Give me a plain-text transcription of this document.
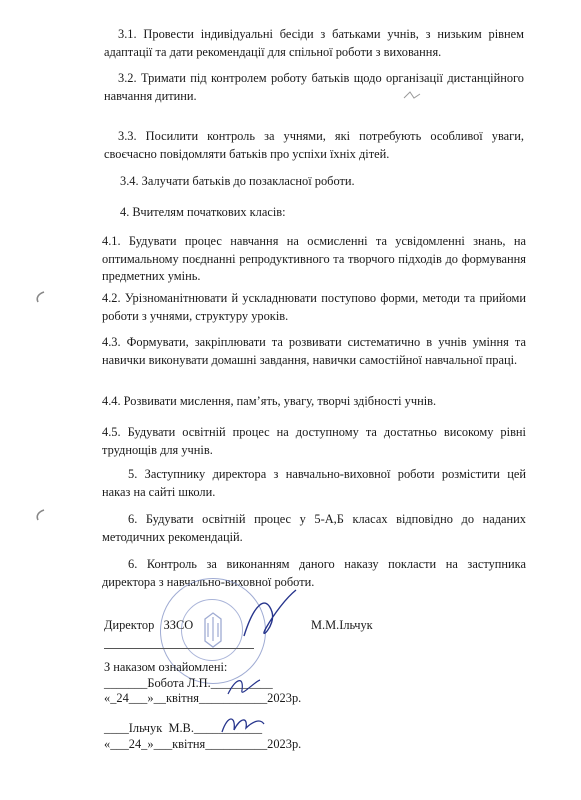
3.1. Провести індивідуальні бесіди з батьками учнів, з низьким рівнем адаптації та дати рекомендації для спільної роботи з виховання.

3.2. Тримати під контролем роботу батьків щодо організації дистанційного навчання дитини.

3.3. Посилити контроль за учнями, які потребують особливої уваги, своєчасно повідомляти батьків про успіхи їхніх дітей.

3.4. Залучати батьків до позакласної роботи.

4. Вчителям початкових класів:

4.1. Будувати процес навчання на осмисленні та усвідомленні знань, на оптимальному поєднанні репродуктивного та творчого підходів до формування предметних умінь.

4.2. Урізноманітнювати й ускладнювати поступово форми, методи та прийоми роботи з учнями, структуру уроків.

4.3. Формувати, закріплювати та розвивати систематично в учнів уміння та навички виконувати домашні завдання, навички самостійної навчальної праці.

4.4. Розвивати мислення, пам’ять, увагу, творчі здібності учнів.

4.5. Будувати освітній процес на доступному та достатньо високому рівні труднощів для учнів.

5. Заступнику директора з навчально-виховної роботи розмістити цей наказ на сайті школи.

6. Будувати освітній процес у 5-А,Б класах відповідно до наданих методичних рекомендацій.

6. Контроль за виконанням даного наказу покласти на заступника директора з навчально-виховної роботи.

Директор   ЗЗСО	М.М.Ільчук
З наказом ознайомлені:
_______Бобота Л.П.__________
«_24___»__квітня___________2023р.
____Ільчук  М.В.___________
«___24_»___квітня__________2023р.
